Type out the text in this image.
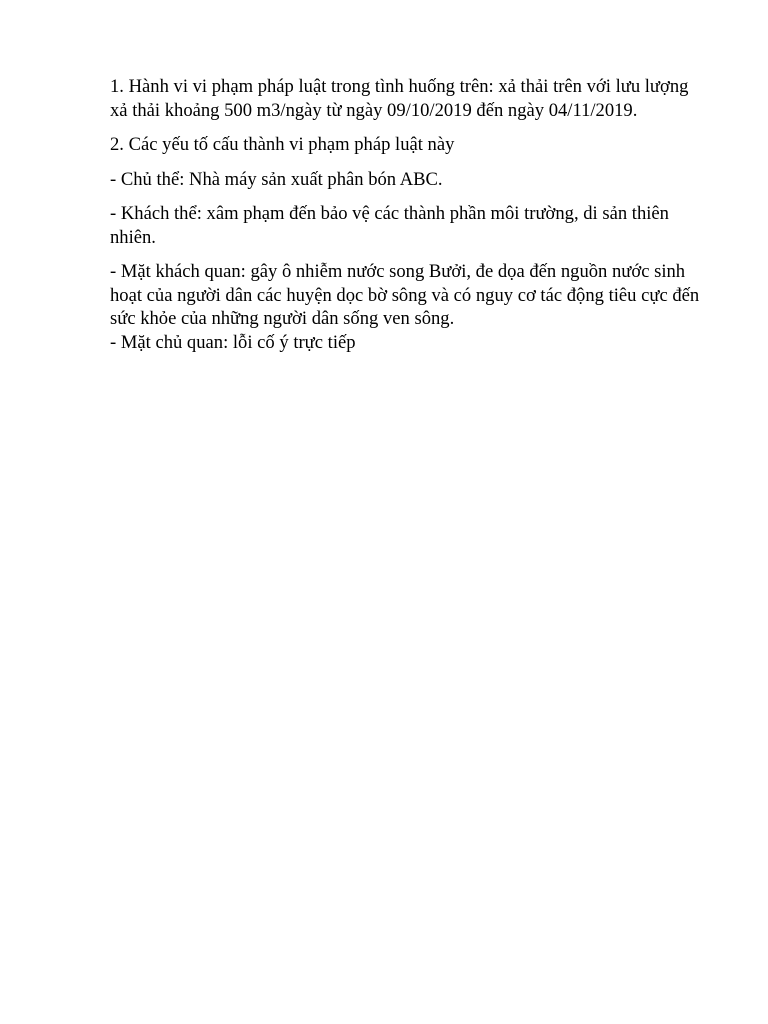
1. Hành vi vi phạm pháp luật trong tình huống trên: xả thải trên với lưu lượng xả thải khoảng 500 m3/ngày từ ngày 09/10/2019 đến ngày 04/11/2019.

2. Các yếu tố cấu thành vi phạm pháp luật này

- Chủ thể: Nhà máy sản xuất phân bón ABC.

- Khách thể: xâm phạm đến bảo vệ các thành phần môi trường, di sản thiên nhiên.

- Mặt khách quan: gây ô nhiễm nước song Bưởi, đe dọa đến nguồn nước sinh hoạt của người dân các huyện dọc bờ sông và có nguy cơ tác động tiêu cực đến sức khỏe của những người dân sống ven sông.

- Mặt chủ quan: lỗi cố ý trực tiếp
